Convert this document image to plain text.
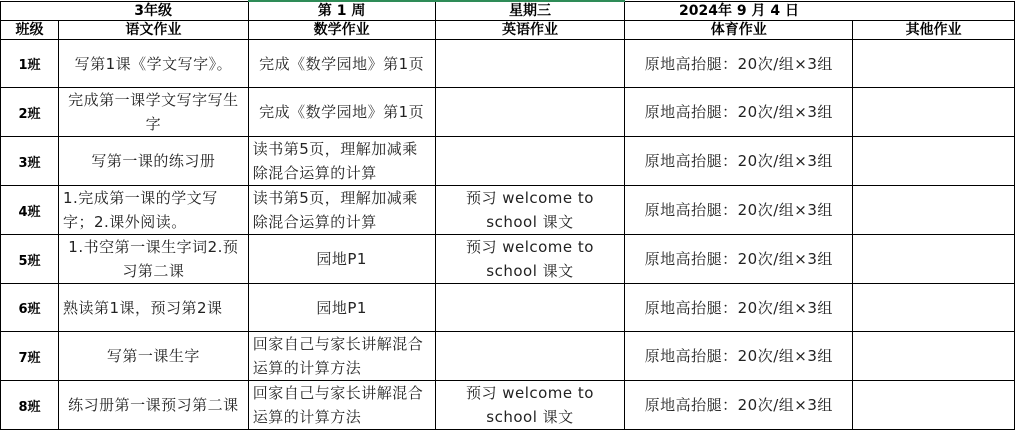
	3年级	第 1 周	星期三	2024年 9 月 4 日	
班级	语文作业	数学作业	英语作业	体育作业	其他作业
1班	写第1课《学文写字》。	完成《数学园地》第1页		原地高抬腿：20次/组×3组	
2班	完成第一课学文写字写生字	完成《数学园地》第1页		原地高抬腿：20次/组×3组	
3班	写第一课的练习册	读书第5页，理解加减乘除混合运算的计算		原地高抬腿：20次/组×3组	
4班	1.完成第一课的学文写字；2.课外阅读。	读书第5页，理解加减乘除混合运算的计算	预习 welcome to school 课文	原地高抬腿：20次/组×3组	
5班	1.书空第一课生字词2.预习第二课	园地P1	预习 welcome to school 课文	原地高抬腿：20次/组×3组	
6班	熟读第1课，预习第2课	园地P1		原地高抬腿：20次/组×3组	
7班	写第一课生字	回家自己与家长讲解混合运算的计算方法		原地高抬腿：20次/组×3组	
8班	练习册第一课预习第二课	回家自己与家长讲解混合运算的计算方法	预习 welcome to school 课文	原地高抬腿：20次/组×3组	
